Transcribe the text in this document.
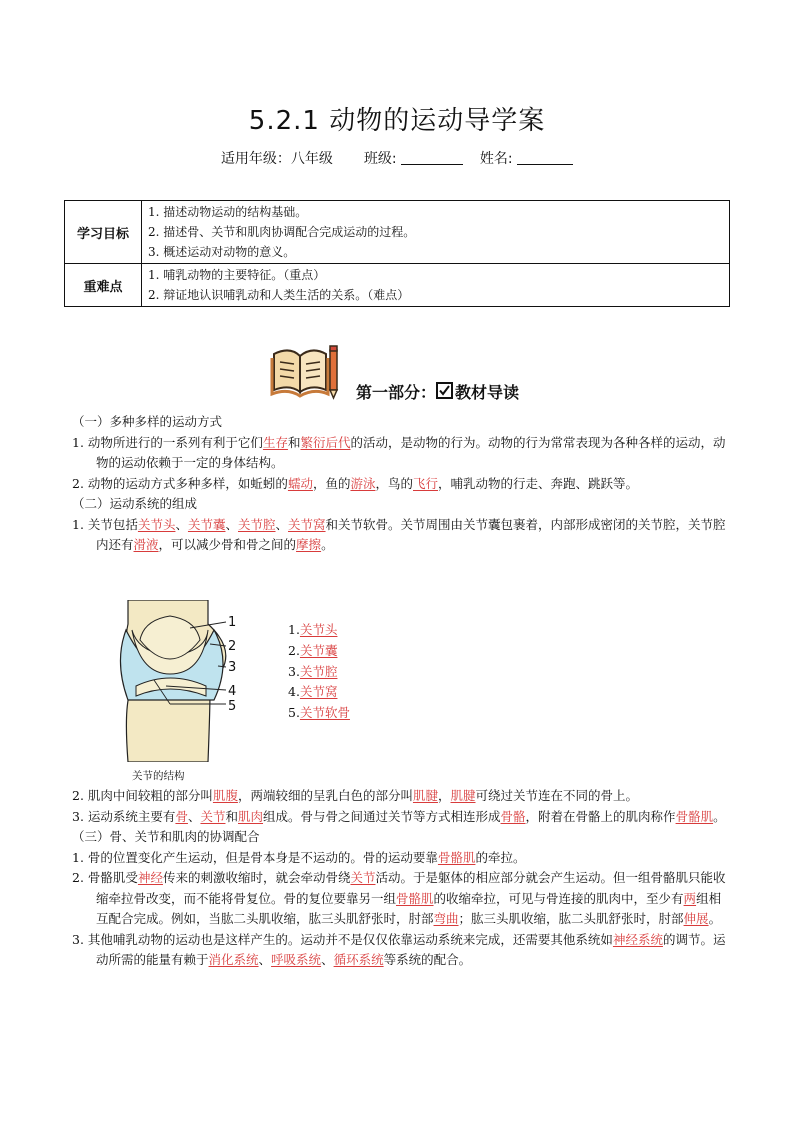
5.2.1 动物的运动导学案
适用年级：八年级 班级:	姓名:
学习目标	1. 描述动物运动的结构基础。
2. 描述骨、关节和肌肉协调配合完成运动的过程。
3. 概述运动对动物的意义。

重难点	1. 哺乳动物的主要特征。（重点）
2. 辩证地认识哺乳动和人类生活的关系。（难点）
第一部分： 教材导读

（一）多种多样的运动方式

1. 动物所进行的一系列有利于它们生存和繁衍后代的活动，是动物的行为。动物的行为常常表现为各种各样的运动，动物的运动依赖于一定的身体结构。

2. 动物的运动方式多种多样，如蚯蚓的蠕动，鱼的游泳，鸟的飞行，哺乳动物的行走、奔跑、跳跃等。

（二）运动系统的组成

1. 关节包括关节头、关节囊、关节腔、关节窝和关节软骨。关节周围由关节囊包裹着，内部形成密闭的关节腔，关节腔内还有滑液，可以减少骨和骨之间的摩擦。

1
2
3
4
5
1.关节头
2.关节囊
3.关节腔
4.关节窝
5.关节软骨
关节的结构

2. 肌肉中间较粗的部分叫肌腹，两端较细的呈乳白色的部分叫肌腱，肌腱可绕过关节连在不同的骨上。

3. 运动系统主要有骨、关节和肌肉组成。骨与骨之间通过关节等方式相连形成骨骼，附着在骨骼上的肌肉称作骨骼肌。

（三）骨、关节和肌肉的协调配合

1. 骨的位置变化产生运动，但是骨本身是不运动的。骨的运动要靠骨骼肌的牵拉。

2. 骨骼肌受神经传来的刺激收缩时，就会牵动骨绕关节活动。于是躯体的相应部分就会产生运动。但一组骨骼肌只能收缩牵拉骨改变，而不能将骨复位。骨的复位要靠另一组骨骼肌的收缩牵拉，可见与骨连接的肌肉中，至少有两组相互配合完成。例如，当肱二头肌收缩，肱三头肌舒张时，肘部弯曲；肱三头肌收缩，肱二头肌舒张时，肘部伸展。

3. 其他哺乳动物的运动也是这样产生的。运动并不是仅仅依靠运动系统来完成，还需要其他系统如神经系统的调节。运动所需的能量有赖于消化系统、呼吸系统、循环系统等系统的配合。
